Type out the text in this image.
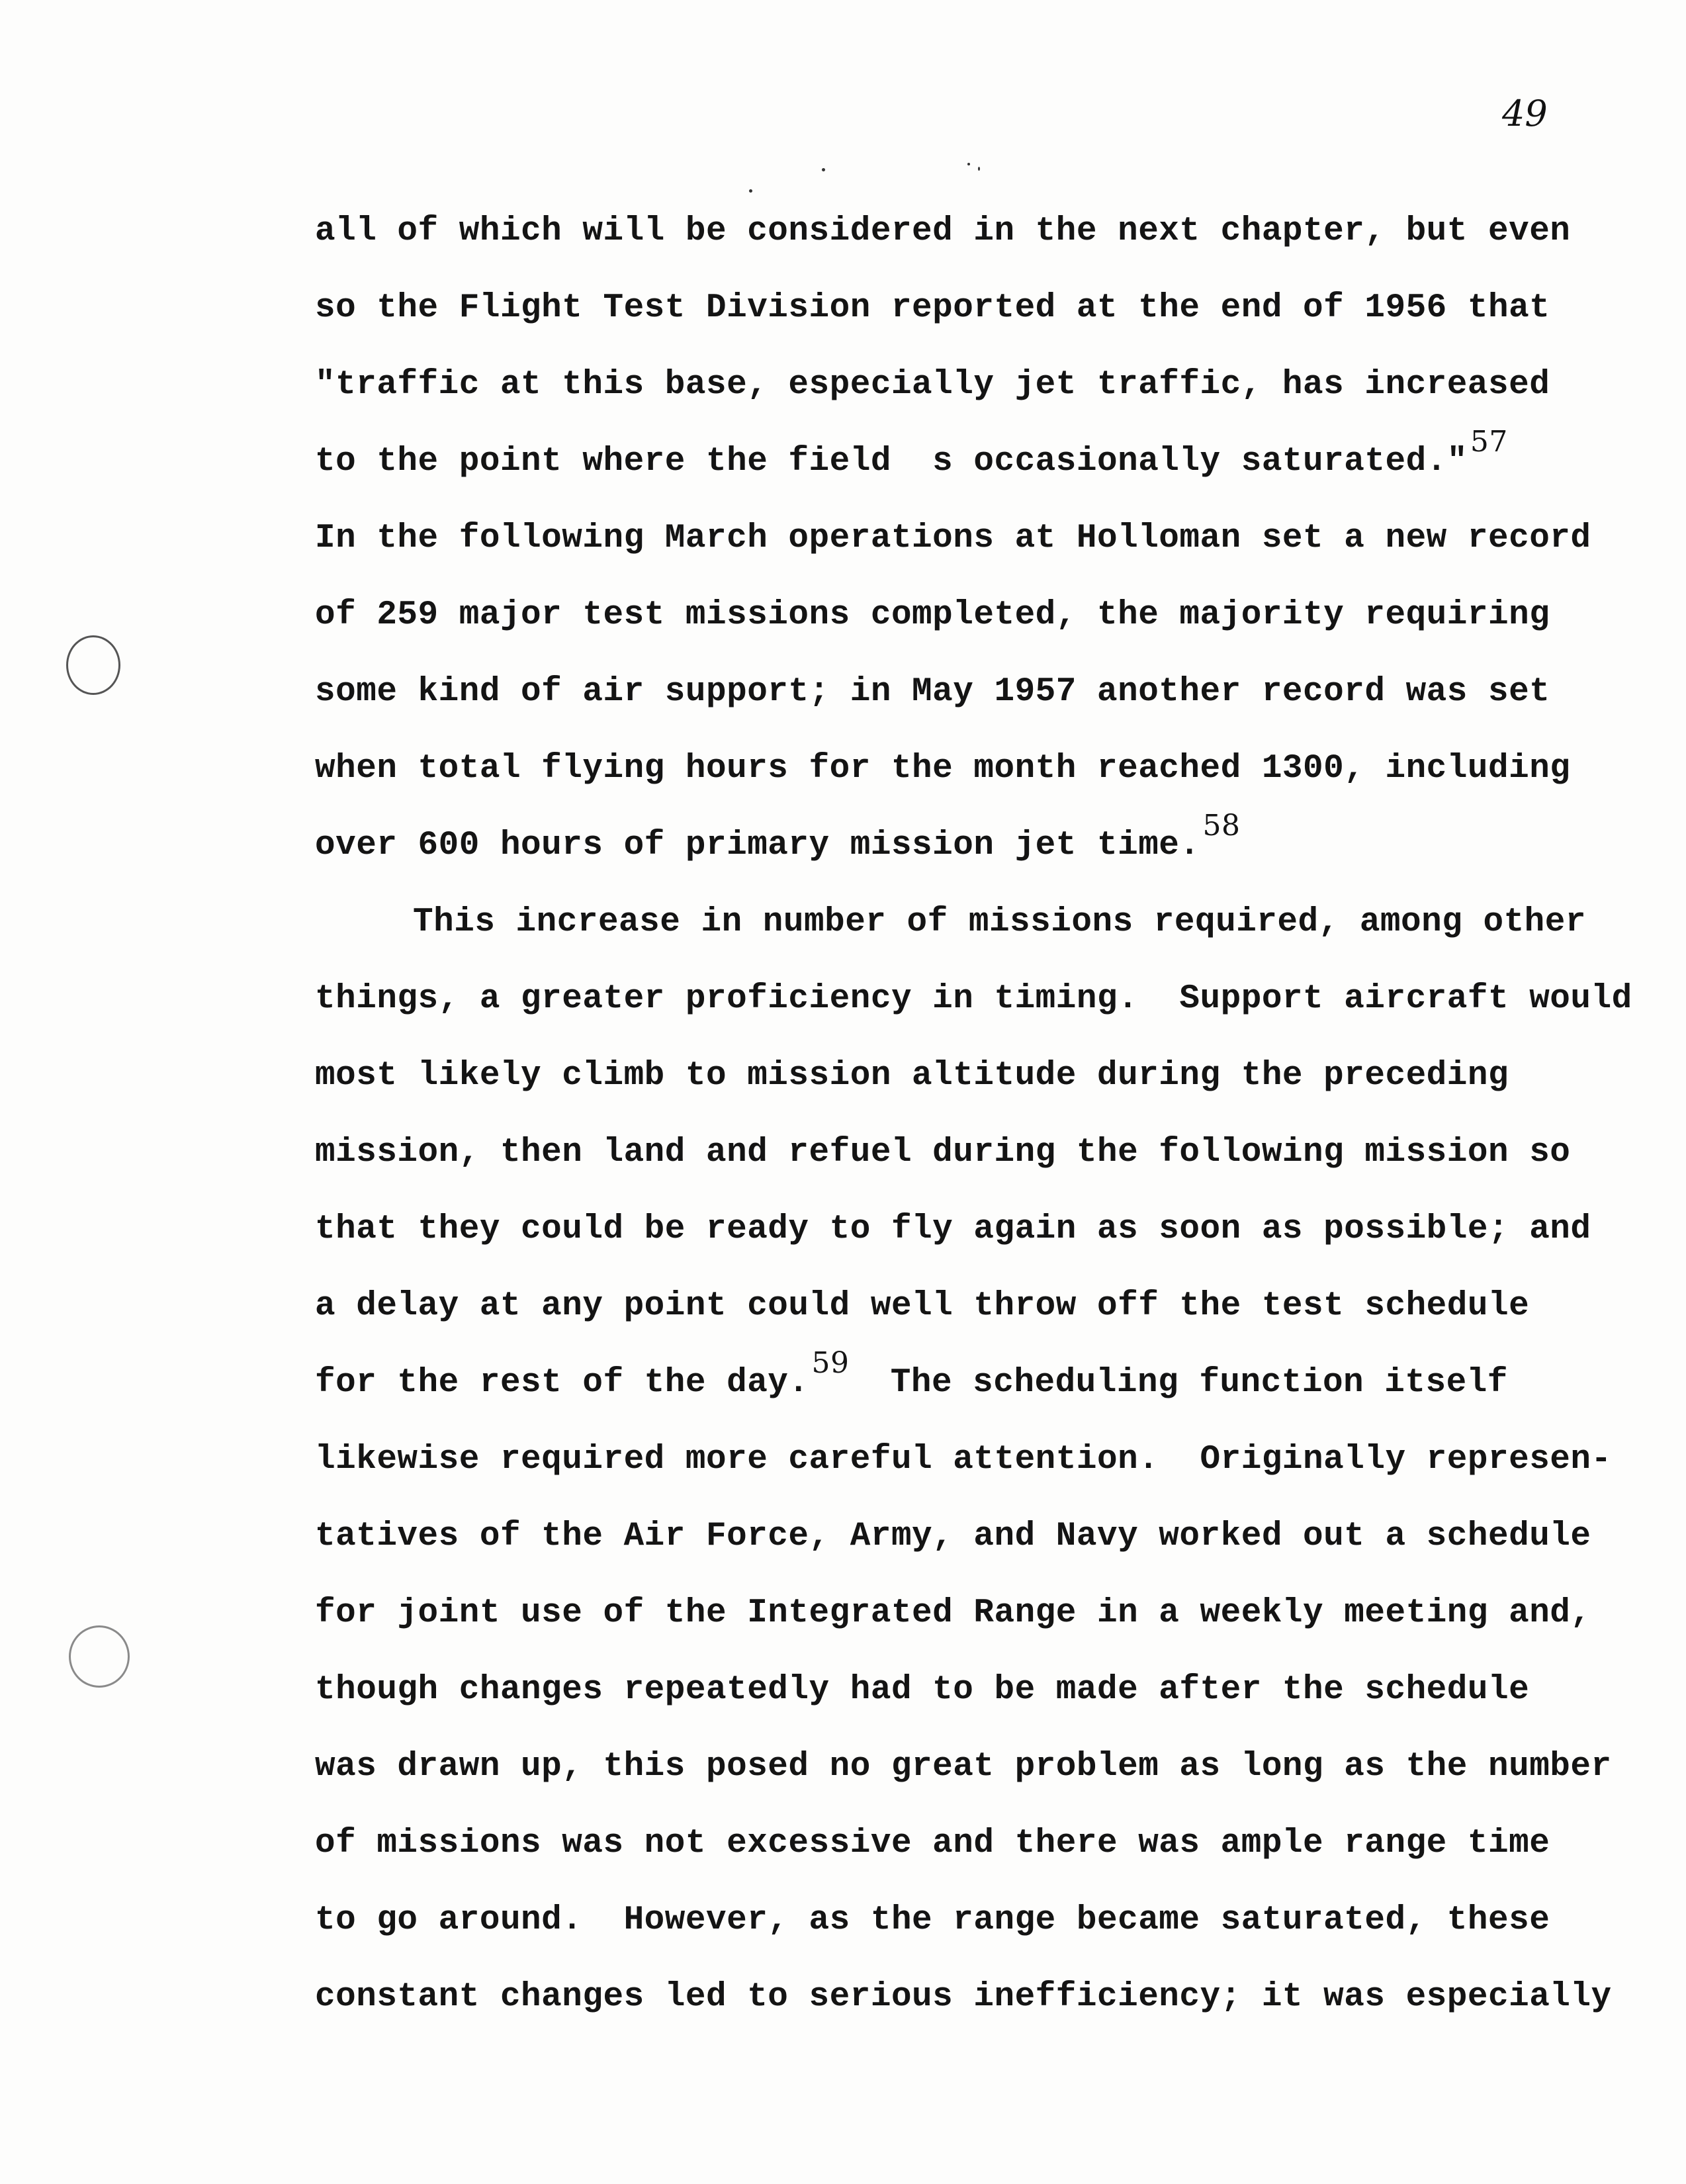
49
all of which will be considered in the next chapter, but even
so the Flight Test Division reported at the end of 1956 that
"traffic at this base, especially jet traffic, has increased
to the point where the field  s occasionally saturated."
57
In the following March operations at Holloman set a new record
of 259 major test missions completed, the majority requiring
some kind of air support; in May 1957 another record was set
when total flying hours for the month reached 1300, including
over 600 hours of primary mission jet time.
58
This increase in number of missions required, among other
things, a greater proficiency in timing.  Support aircraft would
most likely climb to mission altitude during the preceding
mission, then land and refuel during the following mission so
that they could be ready to fly again as soon as possible; and
a delay at any point could well throw off the test schedule
for the rest of the day.
59
The scheduling function itself
likewise required more careful attention.  Originally represen-
tatives of the Air Force, Army, and Navy worked out a schedule
for joint use of the Integrated Range in a weekly meeting and,
though changes repeatedly had to be made after the schedule
was drawn up, this posed no great problem as long as the number
of missions was not excessive and there was ample range time
to go around.  However, as the range became saturated, these
constant changes led to serious inefficiency; it was especially
